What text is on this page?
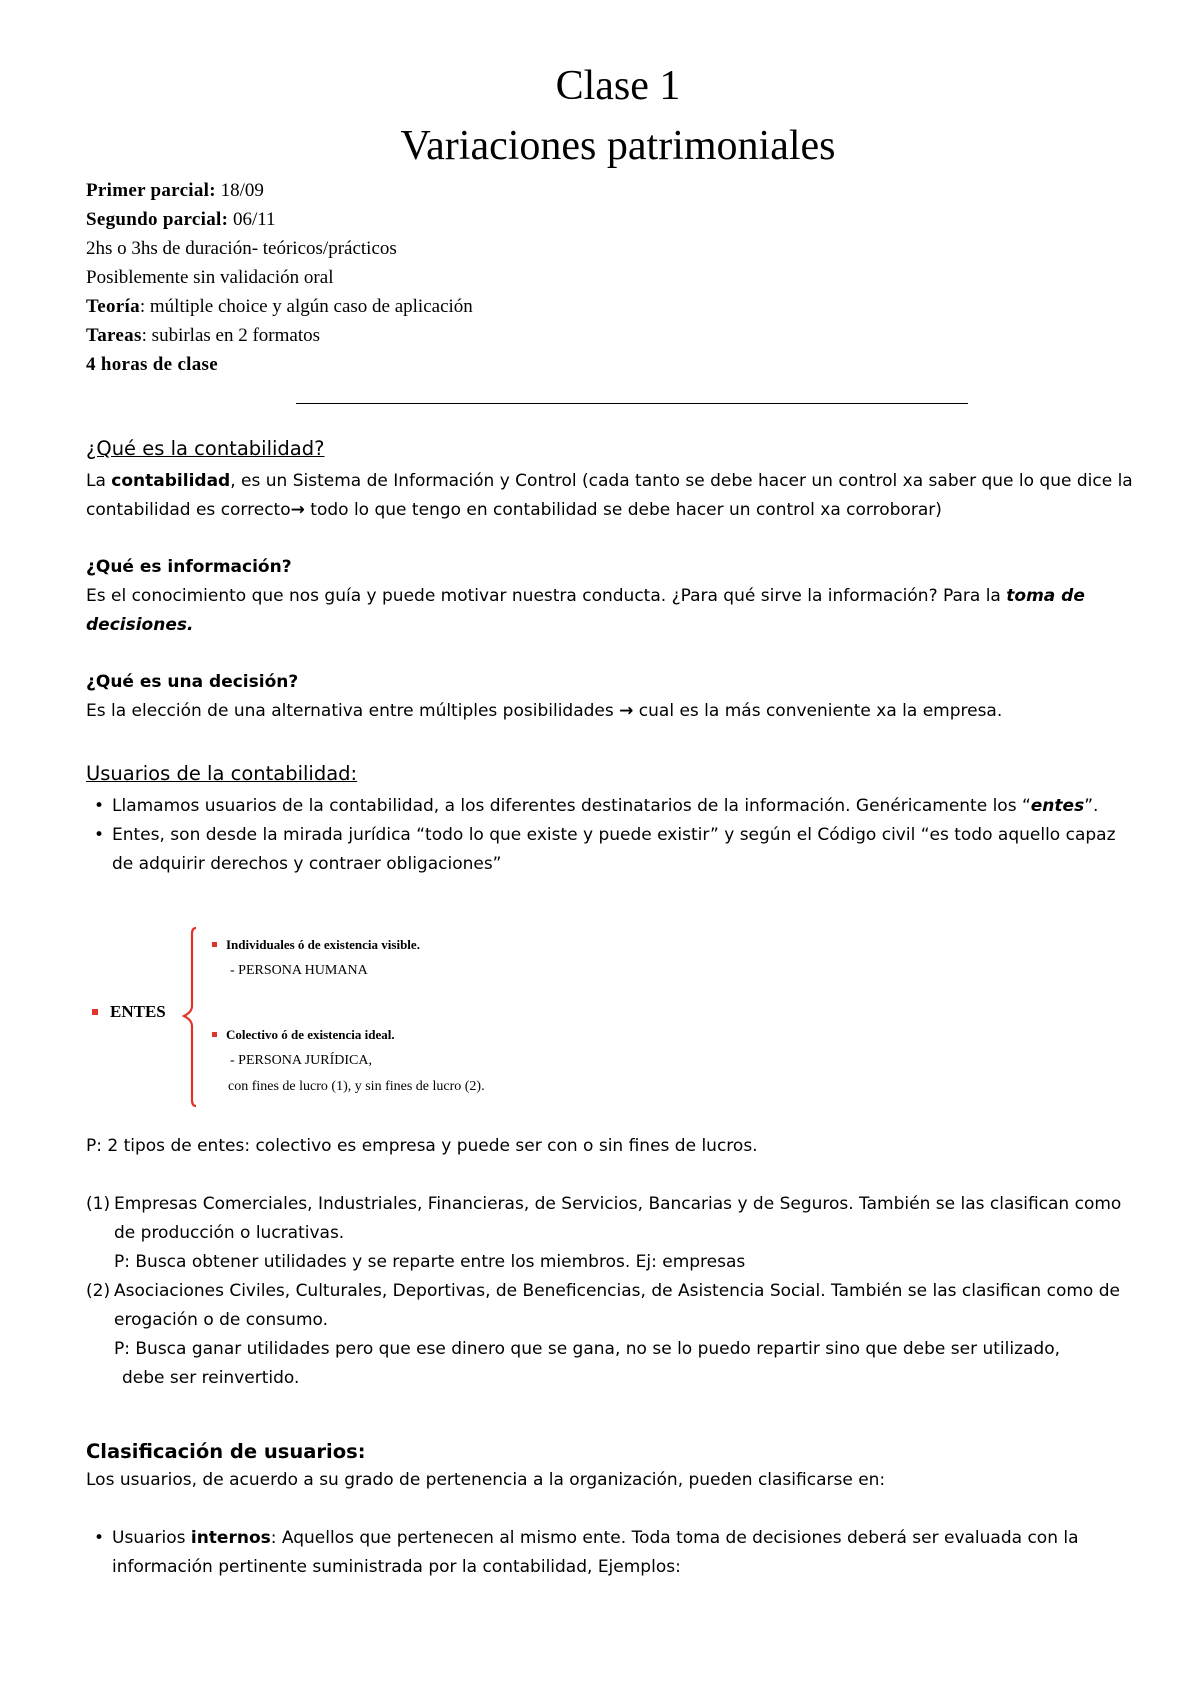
Clase 1
Variaciones patrimoniales
Primer parcial: 18/09
Segundo parcial: 06/11
2hs o 3hs de duración- teóricos/prácticos
Posiblemente sin validación oral
Teoría: múltiple choice y algún caso de aplicación
Tareas: subirlas en 2 formatos
4 horas de clase
¿Qué es la contabilidad?
La contabilidad, es un Sistema de Información y Control (cada tanto se debe hacer un control xa saber que lo que dice la contabilidad es correcto→ todo lo que tengo en contabilidad se debe hacer un control xa corroborar)
¿Qué es información?
Es el conocimiento que nos guía y puede motivar nuestra conducta. ¿Para qué sirve la información? Para la toma de decisiones.
¿Qué es una decisión?
Es la elección de una alternativa entre múltiples posibilidades → cual es la más conveniente xa la empresa.
Usuarios de la contabilidad:
• Llamamos usuarios de la contabilidad, a los diferentes destinatarios de la información. Genéricamente los “entes”.
• Entes, son desde la mirada jurídica “todo lo que existe y puede existir” y según el Código civil “es todo aquello capaz de adquirir derechos y contraer obligaciones”
ENTES
Individuales ó de existencia visible.
- PERSONA HUMANA
Colectivo ó de existencia ideal.
- PERSONA JURÍDICA,
con fines de lucro (1), y sin fines de lucro (2).
P: 2 tipos de entes: colectivo es empresa y puede ser con o sin fines de lucros.
(1) Empresas Comerciales, Industriales, Financieras, de Servicios, Bancarias y de Seguros. También se las clasifican como de producción o lucrativas.
P: Busca obtener utilidades y se reparte entre los miembros. Ej: empresas
(2) Asociaciones Civiles, Culturales, Deportivas, de Beneficencias, de Asistencia Social. También se las clasifican como de erogación o de consumo.
P: Busca ganar utilidades pero que ese dinero que se gana, no se lo puedo repartir sino que debe ser utilizado,
debe ser reinvertido.
Clasificación de usuarios:
Los usuarios, de acuerdo a su grado de pertenencia a la organización, pueden clasificarse en:
• Usuarios internos: Aquellos que pertenecen al mismo ente. Toda toma de decisiones deberá ser evaluada con la información pertinente suministrada por la contabilidad, Ejemplos:
